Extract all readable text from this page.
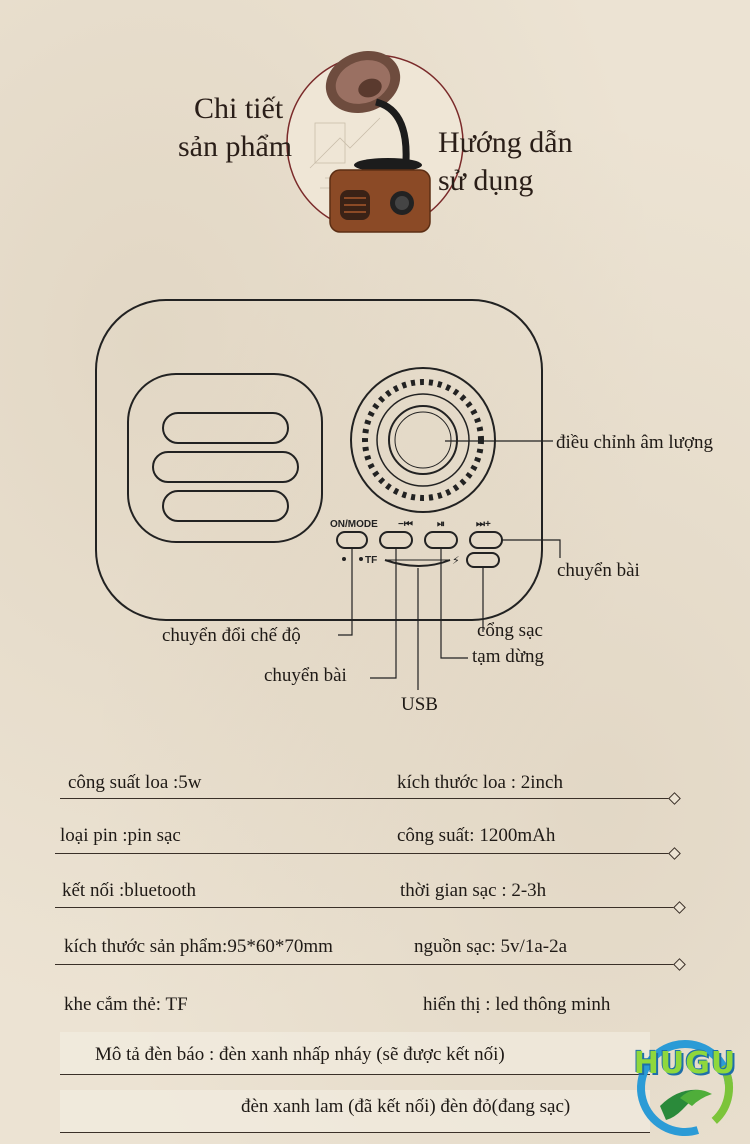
Chi tiết
sản phẩm	Hướng dẫn
sử dụng
ON/MODE −⏮ ⏯	⏭+
TF	⚡
điều chỉnh âm lượng
chuyển bài
chuyển đổi chế độ	cổng sạc
tạm dừng
chuyển bài
USB
công suất loa :5w	kích thước loa : 2inch
loại pin :pin sạc	công suất: 1200mAh
kết nối :bluetooth	thời gian sạc : 2-3h
kích thước sản phẩm:95*60*70mm	nguồn sạc: 5v/1a-2a
khe cắm thẻ: TF	hiển thị : led thông minh
Mô tả đèn báo : đèn xanh nhấp nháy (sẽ được kết nối)
đèn xanh lam (đã kết nối) đèn đỏ(đang sạc)
HUGU
